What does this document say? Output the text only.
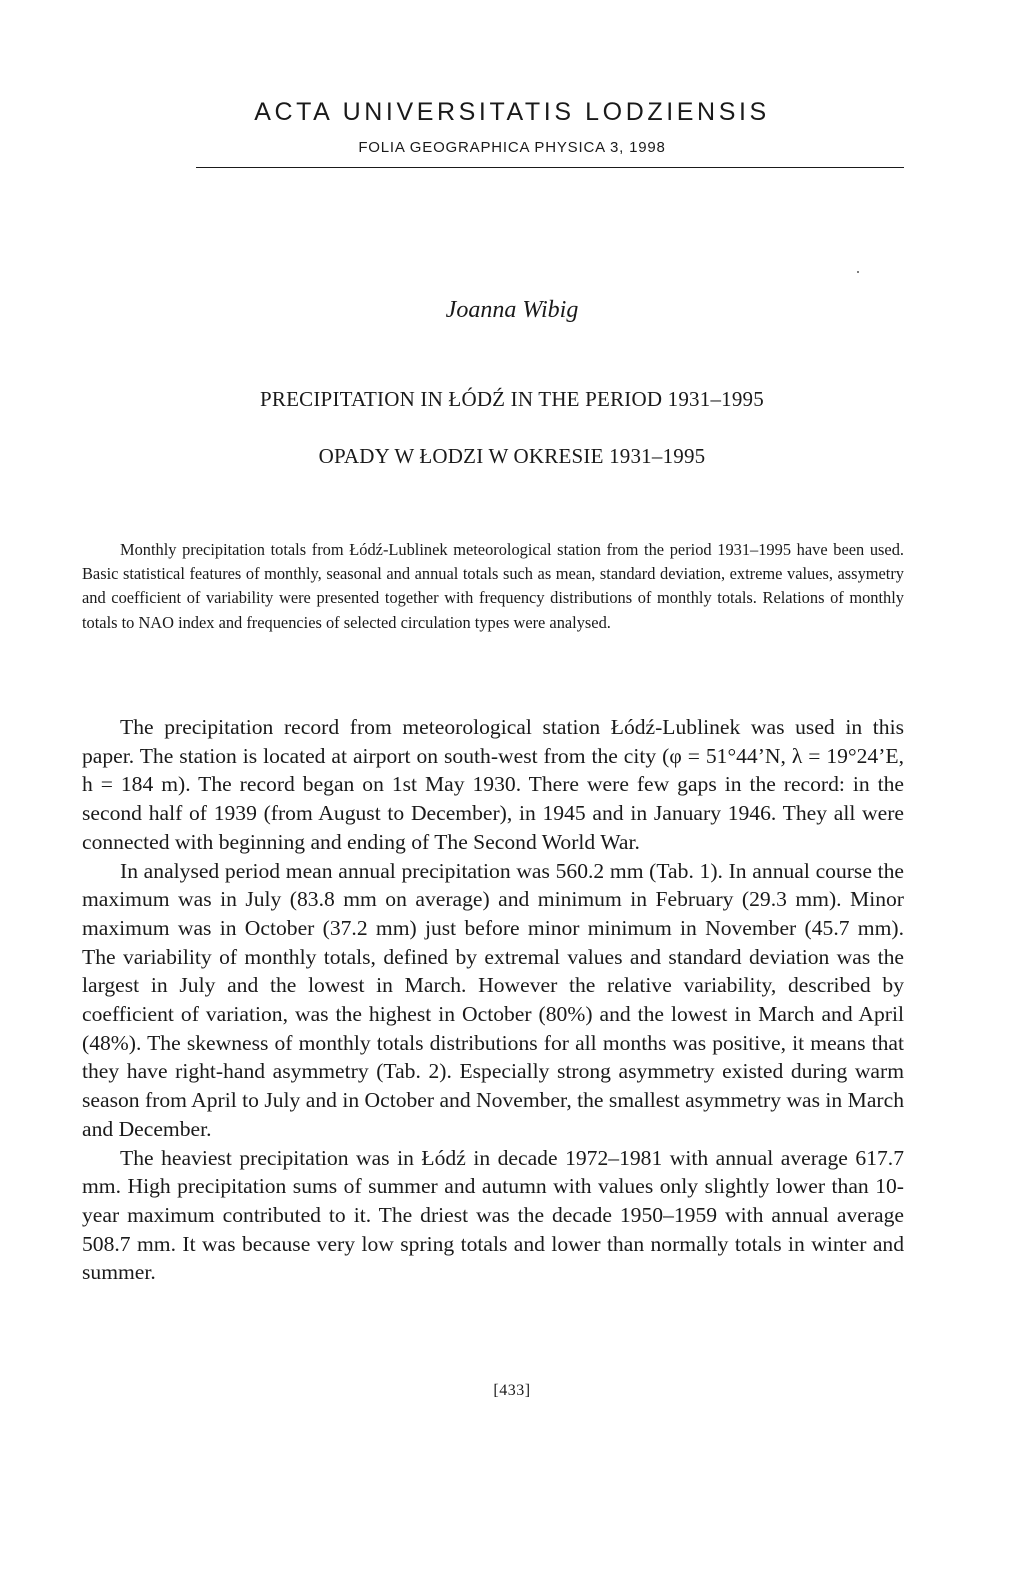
ACTA UNIVERSITATIS LODZIENSIS
FOLIA GEOGRAPHICA PHYSICA 3, 1998
Joanna Wibig
PRECIPITATION IN ŁÓDŹ IN THE PERIOD 1931–1995
OPADY W ŁODZI W OKRESIE 1931–1995

Monthly precipitation totals from Łódź-Lublinek meteorological station from the period 1931–1995 have been used. Basic statistical features of monthly, seasonal and annual totals such as mean, standard deviation, extreme values, assymetry and coefficient of variability were presented together with frequency distributions of monthly totals. Relations of monthly totals to NAO index and frequencies of selected circulation types were analysed.

The precipitation record from meteorological station Łódź-Lublinek was used in this paper. The station is located at airport on south-west from the city (φ = 51°44’N, λ = 19°24’E, h = 184 m). The record began on 1st May 1930. There were few gaps in the record: in the second half of 1939 (from August to December), in 1945 and in January 1946. They all were connected with beginning and ending of The Second World War.

In analysed period mean annual precipitation was 560.2 mm (Tab. 1). In annual course the maximum was in July (83.8 mm on average) and minimum in February (29.3 mm). Minor maximum was in October (37.2 mm) just before minor minimum in November (45.7 mm). The variability of monthly totals, defined by extremal values and standard deviation was the largest in July and the lowest in March. However the relative variability, described by coefficient of variation, was the highest in October (80%) and the lowest in March and April (48%). The skewness of monthly totals distributions for all months was positive, it means that they have right-hand asymmetry (Tab. 2). Especially strong asymmetry existed during warm season from April to July and in October and November, the smallest asymmetry was in March and December.

The heaviest precipitation was in Łódź in decade 1972–1981 with annual average 617.7 mm. High precipitation sums of summer and autumn with values only slightly lower than 10-year maximum contributed to it. The driest was the decade 1950–1959 with annual average 508.7 mm. It was because very low spring totals and lower than normally totals in winter and summer.

[433]
